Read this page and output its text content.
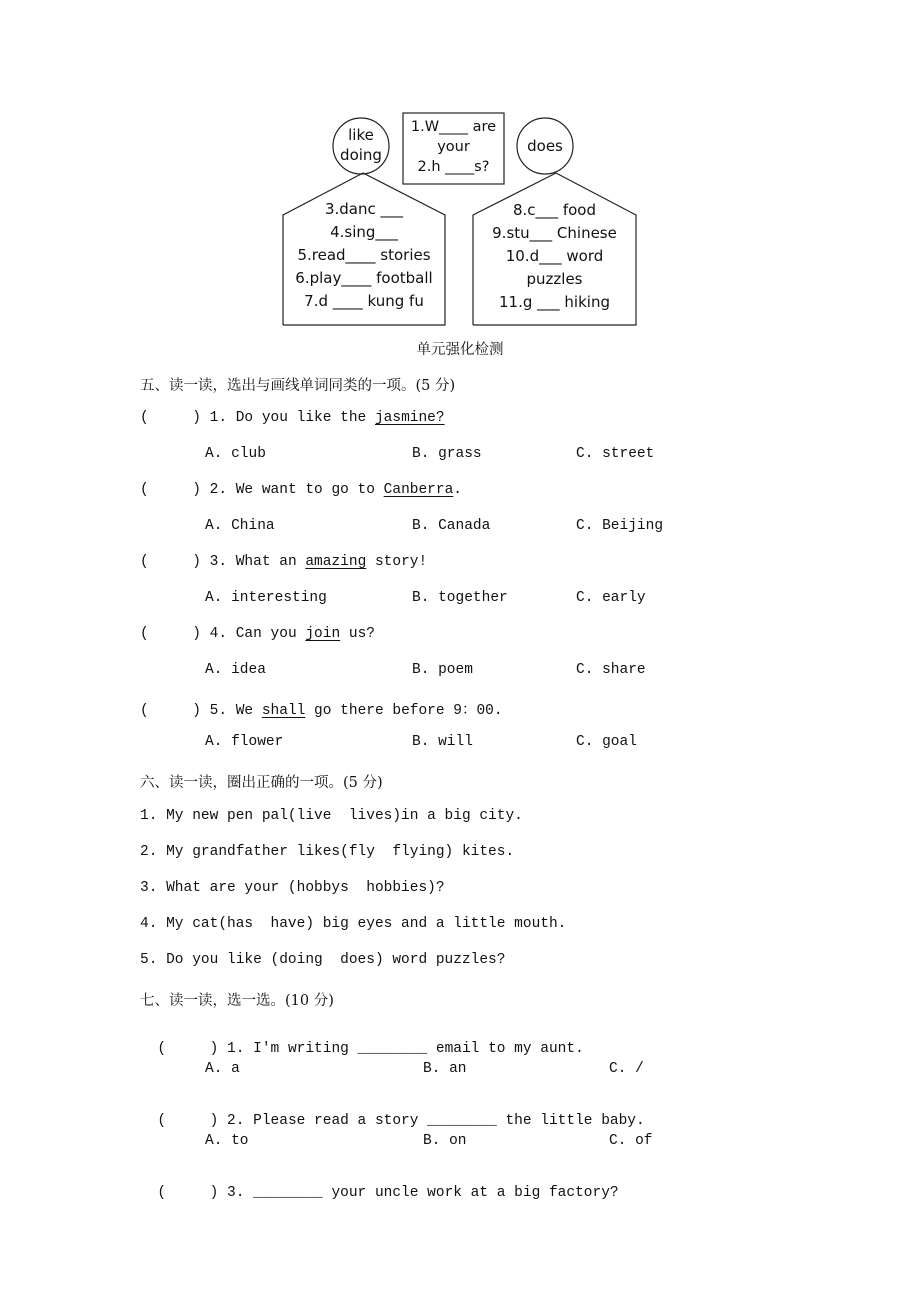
like
doing
1.W____ are
your
2.h ____s?
does
3.danc ___
4.sing___
5.read____ stories
6.play____ football
7.d ____ kung fu
8.c___ food
9.stu___ Chinese
10.d___ word
puzzles
11.g ___ hiking
单元强化检测
五、读一读，选出与画线单词同类的一项。(5 分)
(     ) 1. Do you like the jasmine?
A. club	B. grass	C. street
(     ) 2. We want to go to Canberra.
A. China	B. Canada	C. Beijing
(     ) 3. What an amazing story!
A. interesting	B. together	C. early
(     ) 4. Can you join us?
A. idea	B. poem	C. share
(     ) 5. We shall go there before 9：00.
A. flower	B. will	C. goal
六、读一读，圈出正确的一项。(5 分)
1. My new pen pal(live  lives)in a big city.
2. My grandfather likes(fly  flying) kites.
3. What are your (hobbys  hobbies)?
4. My cat(has  have) big eyes and a little mouth.
5. Do you like (doing  does) word puzzles?
七、读一读，选一选。(10 分)

(     ) 1. I'm writing ________ email to my aunt.

A. a	B. an	C. /

(     ) 2. Please read a story ________ the little baby.

A. to	B. on	C. of

(     ) 3. ________ your uncle work at a big factory?
